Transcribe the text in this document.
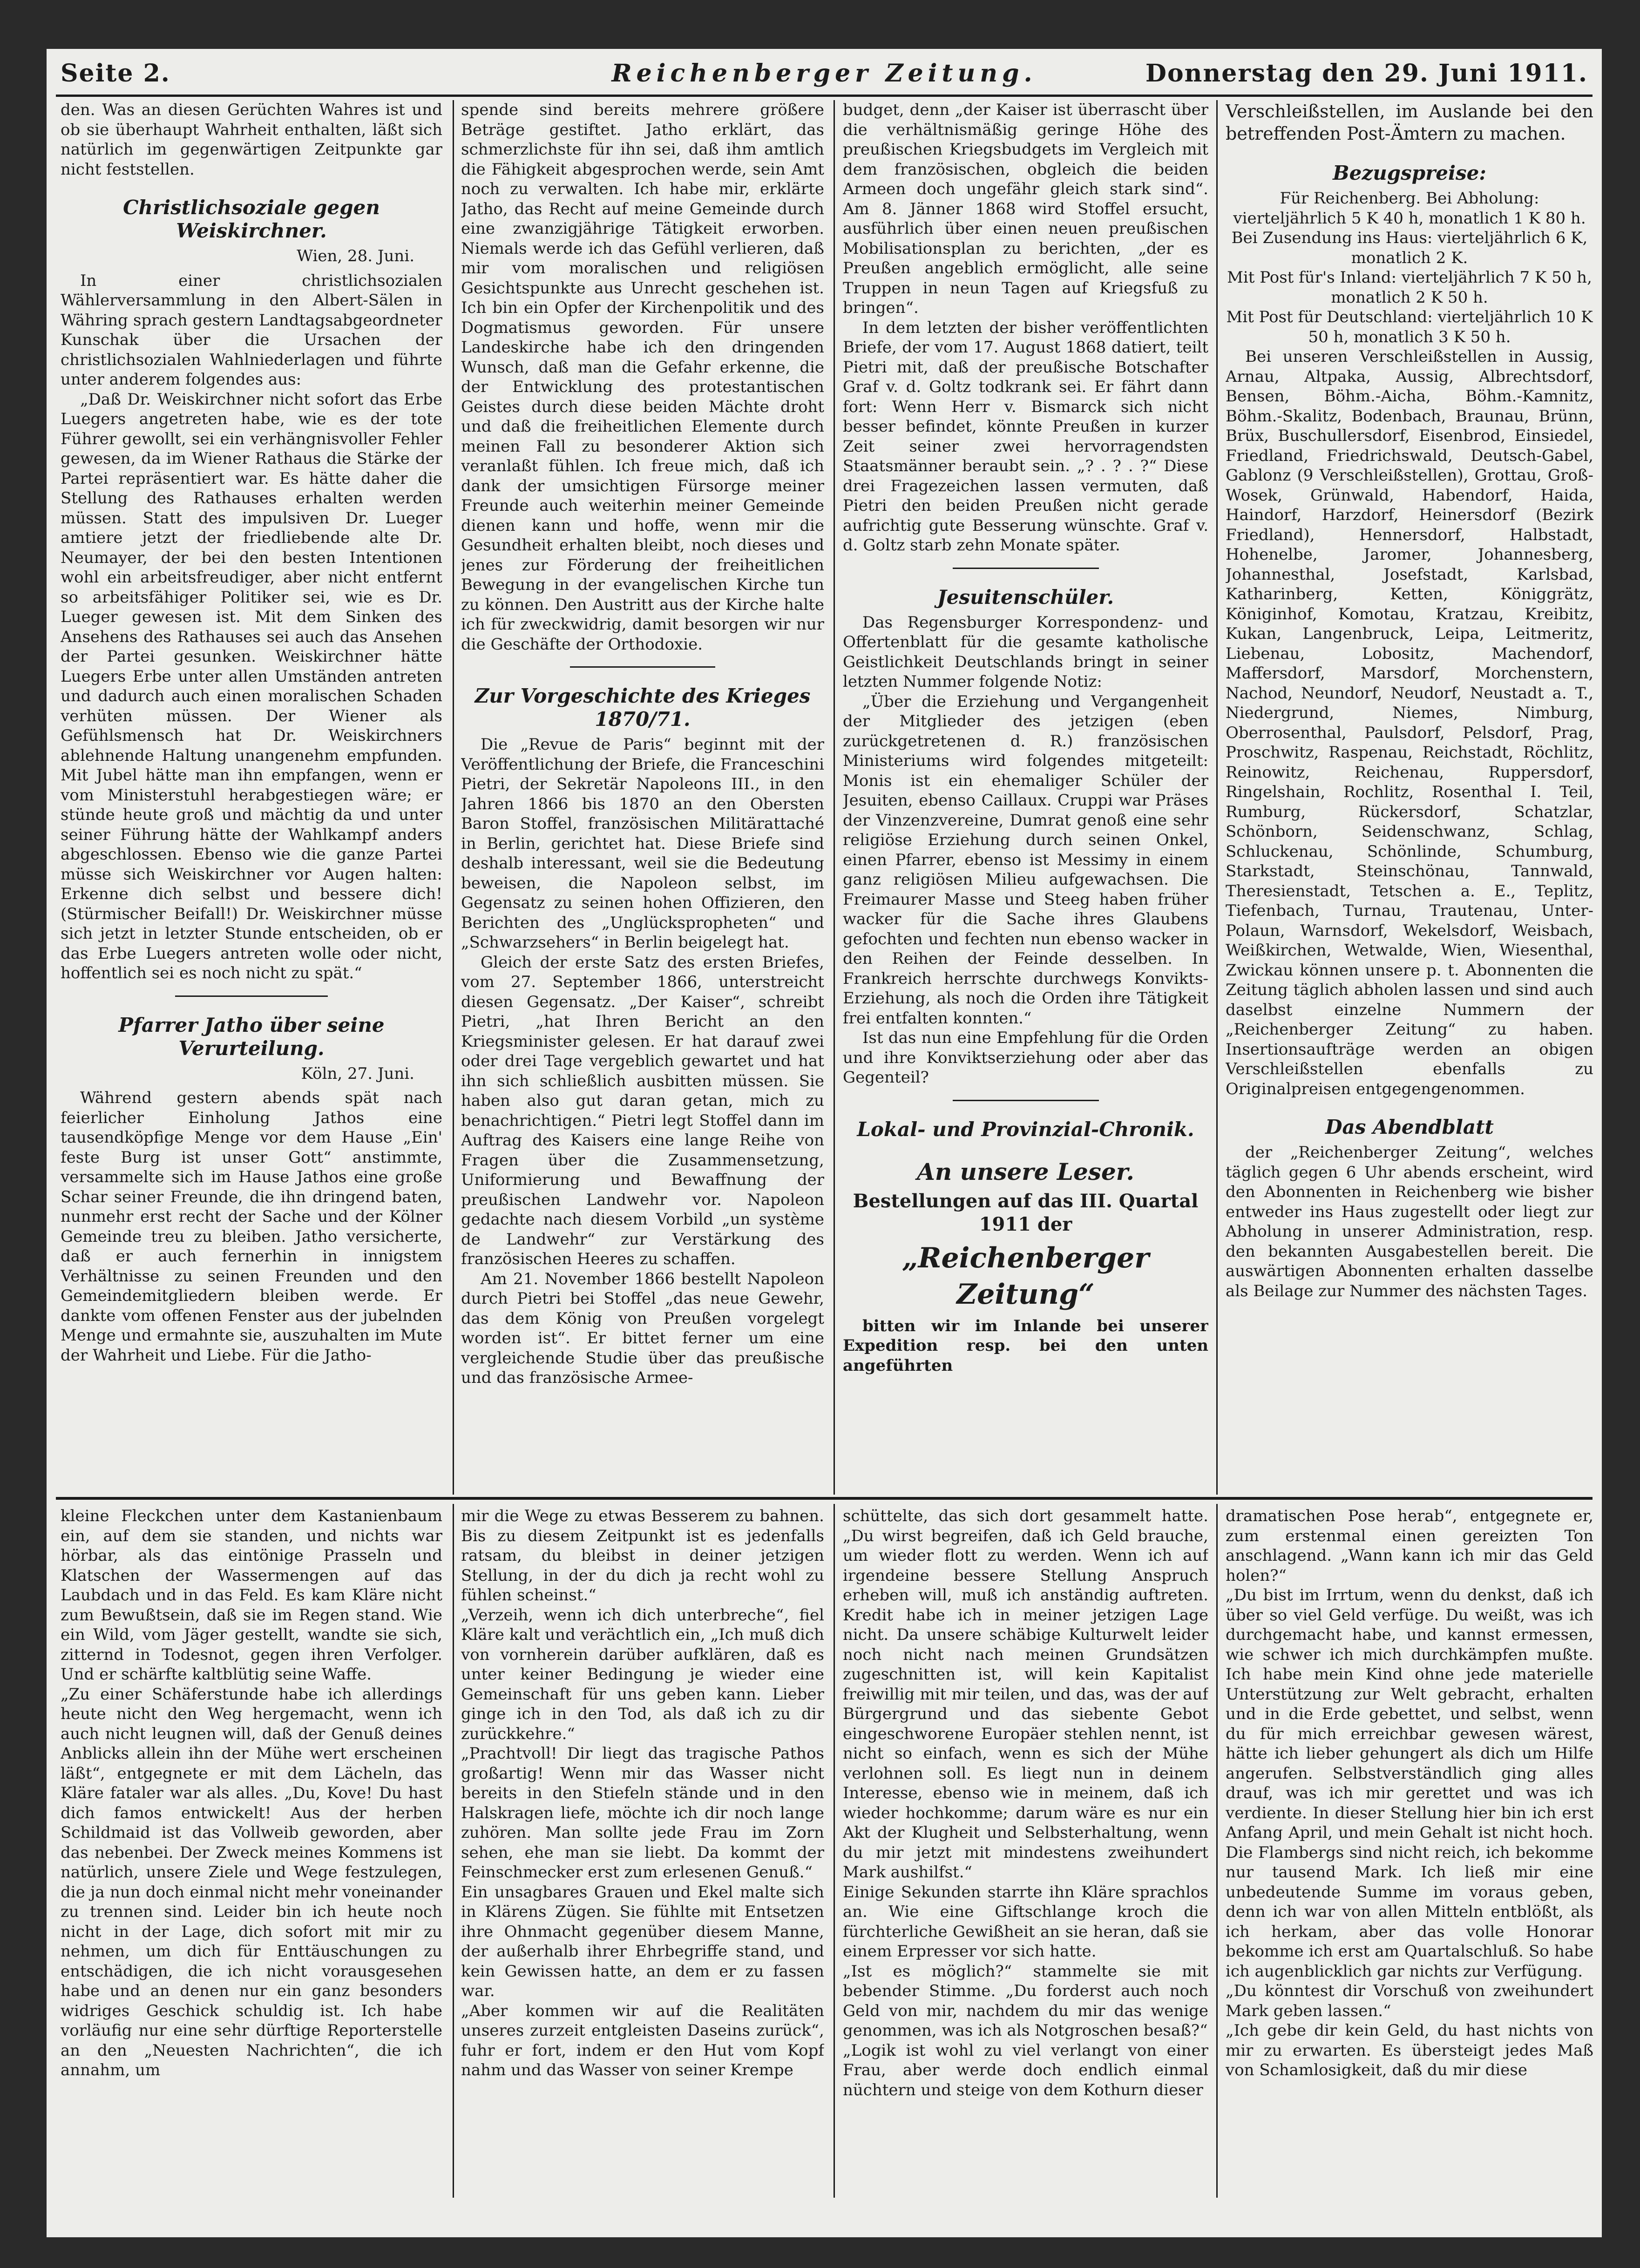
Seite 2.	Reichenberger Zeitung.	Donnerstag den 29. Juni 1911.

den. Was an diesen Gerüchten Wahres ist und ob sie überhaupt Wahrheit enthalten, läßt sich natürlich im gegenwärtigen Zeitpunkte gar nicht feststellen.

Christlichsoziale gegen Weiskirchner.
Wien, 28. Juni.

In einer christlichsozialen Wählerversammlung in den Albert-Sälen in Währing sprach gestern Landtagsabgeordneter Kunschak über die Ursachen der christlichsozialen Wahlniederlagen und führte unter anderem folgendes aus:

„Daß Dr. Weiskirchner nicht sofort das Erbe Luegers angetreten habe, wie es der tote Führer gewollt, sei ein verhängnisvoller Fehler gewesen, da im Wiener Rathaus die Stärke der Partei repräsentiert war. Es hätte daher die Stellung des Rathauses erhalten werden müssen. Statt des impulsiven Dr. Lueger amtiere jetzt der friedliebende alte Dr. Neumayer, der bei den besten Intentionen wohl ein arbeitsfreudiger, aber nicht entfernt so arbeitsfähiger Politiker sei, wie es Dr. Lueger gewesen ist. Mit dem Sinken des Ansehens des Rathauses sei auch das Ansehen der Partei gesunken. Weiskirchner hätte Luegers Erbe unter allen Umständen antreten und dadurch auch einen moralischen Schaden verhüten müssen. Der Wiener als Gefühlsmensch hat Dr. Weiskirchners ablehnende Haltung unangenehm empfunden. Mit Jubel hätte man ihn empfangen, wenn er vom Ministerstuhl herabgestiegen wäre; er stünde heute groß und mächtig da und unter seiner Führung hätte der Wahlkampf anders abgeschlossen. Ebenso wie die ganze Partei müsse sich Weiskirchner vor Augen halten: Erkenne dich selbst und bessere dich! (Stürmischer Beifall!) Dr. Weiskirchner müsse sich jetzt in letzter Stunde entscheiden, ob er das Erbe Luegers antreten wolle oder nicht, hoffentlich sei es noch nicht zu spät.“

Pfarrer Jatho über seine Verurteilung.
Köln, 27. Juni.

Während gestern abends spät nach feierlicher Einholung Jathos eine tausendköpfige Menge vor dem Hause „Ein' feste Burg ist unser Gott“ anstimmte, versammelte sich im Hause Jathos eine große Schar seiner Freunde, die ihn dringend baten, nunmehr erst recht der Sache und der Kölner Gemeinde treu zu bleiben. Jatho versicherte, daß er auch fernerhin in innigstem Verhältnisse zu seinen Freunden und den Gemeindemitgliedern bleiben werde. Er dankte vom offenen Fenster aus der jubelnden Menge und ermahnte sie, auszuhalten im Mute der Wahrheit und Liebe. Für die Jatho-

spende sind bereits mehrere größere Beträge gestiftet. Jatho erklärt, das schmerzlichste für ihn sei, daß ihm amtlich die Fähigkeit abgesprochen werde, sein Amt noch zu verwalten. Ich habe mir, erklärte Jatho, das Recht auf meine Gemeinde durch eine zwanzigjährige Tätigkeit erworben. Niemals werde ich das Gefühl verlieren, daß mir vom moralischen und religiösen Gesichtspunkte aus Unrecht geschehen ist. Ich bin ein Opfer der Kirchenpolitik und des Dogmatismus geworden. Für unsere Landeskirche habe ich den dringenden Wunsch, daß man die Gefahr erkenne, die der Entwicklung des protestantischen Geistes durch diese beiden Mächte droht und daß die freiheitlichen Elemente durch meinen Fall zu besonderer Aktion sich veranlaßt fühlen. Ich freue mich, daß ich dank der umsichtigen Fürsorge meiner Freunde auch weiterhin meiner Gemeinde dienen kann und hoffe, wenn mir die Gesundheit erhalten bleibt, noch dieses und jenes zur Förderung der freiheitlichen Bewegung in der evangelischen Kirche tun zu können. Den Austritt aus der Kirche halte ich für zweckwidrig, damit besorgen wir nur die Geschäfte der Orthodoxie.

Zur Vorgeschichte des Krieges 1870/71.

Die „Revue de Paris“ beginnt mit der Veröffentlichung der Briefe, die Franceschini Pietri, der Sekretär Napoleons III., in den Jahren 1866 bis 1870 an den Obersten Baron Stoffel, französischen Militärattaché in Berlin, gerichtet hat. Diese Briefe sind deshalb interessant, weil sie die Bedeutung beweisen, die Napoleon selbst, im Gegensatz zu seinen hohen Offizieren, den Berichten des „Unglückspropheten“ und „Schwarzsehers“ in Berlin beigelegt hat.

Gleich der erste Satz des ersten Briefes, vom 27. September 1866, unterstreicht diesen Gegensatz. „Der Kaiser“, schreibt Pietri, „hat Ihren Bericht an den Kriegsminister gelesen. Er hat darauf zwei oder drei Tage vergeblich gewartet und hat ihn sich schließlich ausbitten müssen. Sie haben also gut daran getan, mich zu benachrichtigen.“ Pietri legt Stoffel dann im Auftrag des Kaisers eine lange Reihe von Fragen über die Zusammensetzung, Uniformierung und Bewaffnung der preußischen Landwehr vor. Napoleon gedachte nach diesem Vorbild „un système de Landwehr“ zur Verstärkung des französischen Heeres zu schaffen.

Am 21. November 1866 bestellt Napoleon durch Pietri bei Stoffel „das neue Gewehr, das dem König von Preußen vorgelegt worden ist“. Er bittet ferner um eine vergleichende Studie über das preußische und das französische Armee-

budget, denn „der Kaiser ist überrascht über die verhältnismäßig geringe Höhe des preußischen Kriegsbudgets im Vergleich mit dem französischen, obgleich die beiden Armeen doch ungefähr gleich stark sind“. Am 8. Jänner 1868 wird Stoffel ersucht, ausführlich über einen neuen preußischen Mobilisationsplan zu berichten, „der es Preußen angeblich ermöglicht, alle seine Truppen in neun Tagen auf Kriegsfuß zu bringen“.

In dem letzten der bisher veröffentlichten Briefe, der vom 17. August 1868 datiert, teilt Pietri mit, daß der preußische Botschafter Graf v. d. Goltz todkrank sei. Er fährt dann fort: Wenn Herr v. Bismarck sich nicht besser befindet, könnte Preußen in kurzer Zeit seiner zwei hervorragendsten Staatsmänner beraubt sein. „? . ? . ?“ Diese drei Fragezeichen lassen vermuten, daß Pietri den beiden Preußen nicht gerade aufrichtig gute Besserung wünschte. Graf v. d. Goltz starb zehn Monate später.

Jesuitenschüler.

Das Regensburger Korrespondenz- und Offertenblatt für die gesamte katholische Geistlichkeit Deutschlands bringt in seiner letzten Nummer folgende Notiz:

„Über die Erziehung und Vergangenheit der Mitglieder des jetzigen (eben zurückgetretenen d. R.) französischen Ministeriums wird folgendes mitgeteilt: Monis ist ein ehemaliger Schüler der Jesuiten, ebenso Caillaux. Cruppi war Präses der Vinzenzvereine, Dumrat genoß eine sehr religiöse Erziehung durch seinen Onkel, einen Pfarrer, ebenso ist Messimy in einem ganz religiösen Milieu aufgewachsen. Die Freimaurer Masse und Steeg haben früher wacker für die Sache ihres Glaubens gefochten und fechten nun ebenso wacker in den Reihen der Feinde desselben. In Frankreich herrschte durchwegs Konvikts-Erziehung, als noch die Orden ihre Tätigkeit frei entfalten konnten.“

Ist das nun eine Empfehlung für die Orden und ihre Konviktserziehung oder aber das Gegenteil?

Lokal- und Provinzial-Chronik.
An unsere Leser.

Bestellungen auf das III. Quartal 1911 der

„Reichenberger Zeitung“

bitten wir im Inlande bei unserer Expedition resp. bei den unten angeführten

Verschleißstellen, im Auslande bei den betreffenden Post-Ämtern zu machen.

Bezugspreise:

Für Reichenberg. Bei Abholung: vierteljährlich 5 K 40 h, monatlich 1 K 80 h.

Bei Zusendung ins Haus: vierteljährlich 6 K, monatlich 2 K.

Mit Post für's Inland: vierteljährlich 7 K 50 h, monatlich 2 K 50 h.

Mit Post für Deutschland: vierteljährlich 10 K 50 h, monatlich 3 K 50 h.

Bei unseren Verschleißstellen in Aussig, Arnau, Altpaka, Aussig, Albrechtsdorf, Bensen, Böhm.-Aicha, Böhm.-Kamnitz, Böhm.-Skalitz, Bodenbach, Braunau, Brünn, Brüx, Buschullersdorf, Eisenbrod, Einsiedel, Friedland, Friedrichswald, Deutsch-Gabel, Gablonz (9 Verschleißstellen), Grottau, Groß-Wosek, Grünwald, Habendorf, Haida, Haindorf, Harzdorf, Heinersdorf (Bezirk Friedland), Hennersdorf, Halbstadt, Hohenelbe, Jaromer, Johannesberg, Johannesthal, Josefstadt, Karlsbad, Katharinberg, Ketten, Königgrätz, Königinhof, Komotau, Kratzau, Kreibitz, Kukan, Langenbruck, Leipa, Leitmeritz, Liebenau, Lobositz, Machendorf, Maffersdorf, Marsdorf, Morchenstern, Nachod, Neundorf, Neudorf, Neustadt a. T., Niedergrund, Niemes, Nimburg, Oberrosenthal, Paulsdorf, Pelsdorf, Prag, Proschwitz, Raspenau, Reichstadt, Röchlitz, Reinowitz, Reichenau, Ruppersdorf, Ringelshain, Rochlitz, Rosenthal I. Teil, Rumburg, Rückersdorf, Schatzlar, Schönborn, Seidenschwanz, Schlag, Schluckenau, Schönlinde, Schumburg, Starkstadt, Steinschönau, Tannwald, Theresienstadt, Tetschen a. E., Teplitz, Tiefenbach, Turnau, Trautenau, Unter-Polaun, Warnsdorf, Wekelsdorf, Weisbach, Weißkirchen, Wetwalde, Wien, Wiesenthal, Zwickau können unsere p. t. Abonnenten die Zeitung täglich abholen lassen und sind auch daselbst einzelne Nummern der „Reichenberger Zeitung“ zu haben. Insertionsaufträge werden an obigen Verschleißstellen ebenfalls zu Originalpreisen entgegengenommen.

Das Abendblatt

der „Reichenberger Zeitung“, welches täglich gegen 6 Uhr abends erscheint, wird den Abonnenten in Reichenberg wie bisher entweder ins Haus zugestellt oder liegt zur Abholung in unserer Administration, resp. den bekannten Ausgabestellen bereit. Die auswärtigen Abonnenten erhalten dasselbe als Beilage zur Nummer des nächsten Tages.

kleine Fleckchen unter dem Kastanienbaum ein, auf dem sie standen, und nichts war hörbar, als das eintönige Prasseln und Klatschen der Wassermengen auf das Laubdach und in das Feld. Es kam Kläre nicht zum Bewußtsein, daß sie im Regen stand. Wie ein Wild, vom Jäger gestellt, wandte sie sich, zitternd in Todesnot, gegen ihren Verfolger. Und er schärfte kaltblütig seine Waffe.
„Zu einer Schäferstunde habe ich allerdings heute nicht den Weg hergemacht, wenn ich auch nicht leugnen will, daß der Genuß deines Anblicks allein ihn der Mühe wert erscheinen läßt“, entgegnete er mit dem Lächeln, das Kläre fataler war als alles. „Du, Kove! Du hast dich famos entwickelt! Aus der herben Schildmaid ist das Vollweib geworden, aber das nebenbei. Der Zweck meines Kommens ist natürlich, unsere Ziele und Wege festzulegen, die ja nun doch einmal nicht mehr voneinander zu trennen sind. Leider bin ich heute noch nicht in der Lage, dich sofort mit mir zu nehmen, um dich für Enttäuschungen zu entschädigen, die ich nicht vorausgesehen habe und an denen nur ein ganz besonders widriges Geschick schuldig ist. Ich habe vorläufig nur eine sehr dürftige Reporterstelle an den „Neuesten Nachrichten“, die ich annahm, um

mir die Wege zu etwas Besserem zu bahnen. Bis zu diesem Zeitpunkt ist es jedenfalls ratsam, du bleibst in deiner jetzigen Stellung, in der du dich ja recht wohl zu fühlen scheinst.“
„Verzeih, wenn ich dich unterbreche“, fiel Kläre kalt und verächtlich ein, „Ich muß dich von vornherein darüber aufklären, daß es unter keiner Bedingung je wieder eine Gemeinschaft für uns geben kann. Lieber ginge ich in den Tod, als daß ich zu dir zurückkehre.“
„Prachtvoll! Dir liegt das tragische Pathos großartig! Wenn mir das Wasser nicht bereits in den Stiefeln stände und in den Halskragen liefe, möchte ich dir noch lange zuhören. Man sollte jede Frau im Zorn sehen, ehe man sie liebt. Da kommt der Feinschmecker erst zum erlesenen Genuß.“
Ein unsagbares Grauen und Ekel malte sich in Klärens Zügen. Sie fühlte mit Entsetzen ihre Ohnmacht gegenüber diesem Manne, der außerhalb ihrer Ehrbegriffe stand, und kein Gewissen hatte, an dem er zu fassen war.
„Aber kommen wir auf die Realitäten unseres zurzeit entgleisten Daseins zurück“, fuhr er fort, indem er den Hut vom Kopf nahm und das Wasser von seiner Krempe

schüttelte, das sich dort gesammelt hatte. „Du wirst begreifen, daß ich Geld brauche, um wieder flott zu werden. Wenn ich auf irgendeine bessere Stellung Anspruch erheben will, muß ich anständig auftreten. Kredit habe ich in meiner jetzigen Lage nicht. Da unsere schäbige Kulturwelt leider noch nicht nach meinen Grundsätzen zugeschnitten ist, will kein Kapitalist freiwillig mit mir teilen, und das, was der auf Bürgergrund und das siebente Gebot eingeschworene Europäer stehlen nennt, ist nicht so einfach, wenn es sich der Mühe verlohnen soll. Es liegt nun in deinem Interesse, ebenso wie in meinem, daß ich wieder hochkomme; darum wäre es nur ein Akt der Klugheit und Selbsterhaltung, wenn du mir jetzt mit mindestens zweihundert Mark aushilfst.“
Einige Sekunden starrte ihn Kläre sprachlos an. Wie eine Giftschlange kroch die fürchterliche Gewißheit an sie heran, daß sie einem Erpresser vor sich hatte.
„Ist es möglich?“ stammelte sie mit bebender Stimme. „Du forderst auch noch Geld von mir, nachdem du mir das wenige genommen, was ich als Notgroschen besaß?“
„Logik ist wohl zu viel verlangt von einer Frau, aber werde doch endlich einmal nüchtern und steige von dem Kothurn dieser

dramatischen Pose herab“, entgegnete er, zum erstenmal einen gereizten Ton anschlagend. „Wann kann ich mir das Geld holen?“
„Du bist im Irrtum, wenn du denkst, daß ich über so viel Geld verfüge. Du weißt, was ich durchgemacht habe, und kannst ermessen, wie schwer ich mich durchkämpfen mußte. Ich habe mein Kind ohne jede materielle Unterstützung zur Welt gebracht, erhalten und in die Erde gebettet, und selbst, wenn du für mich erreichbar gewesen wärest, hätte ich lieber gehungert als dich um Hilfe angerufen. Selbstverständlich ging alles drauf, was ich mir gerettet und was ich verdiente. In dieser Stellung hier bin ich erst Anfang April, und mein Gehalt ist nicht hoch. Die Flambergs sind nicht reich, ich bekomme nur tausend Mark. Ich ließ mir eine unbedeutende Summe im voraus geben, denn ich war von allen Mitteln entblößt, als ich herkam, aber das volle Honorar bekomme ich erst am Quartalschluß. So habe ich augenblicklich gar nichts zur Verfügung.
„Du könntest dir Vorschuß von zweihundert Mark geben lassen.“
„Ich gebe dir kein Geld, du hast nichts von mir zu erwarten. Es übersteigt jedes Maß von Schamlosigkeit, daß du mir diese
